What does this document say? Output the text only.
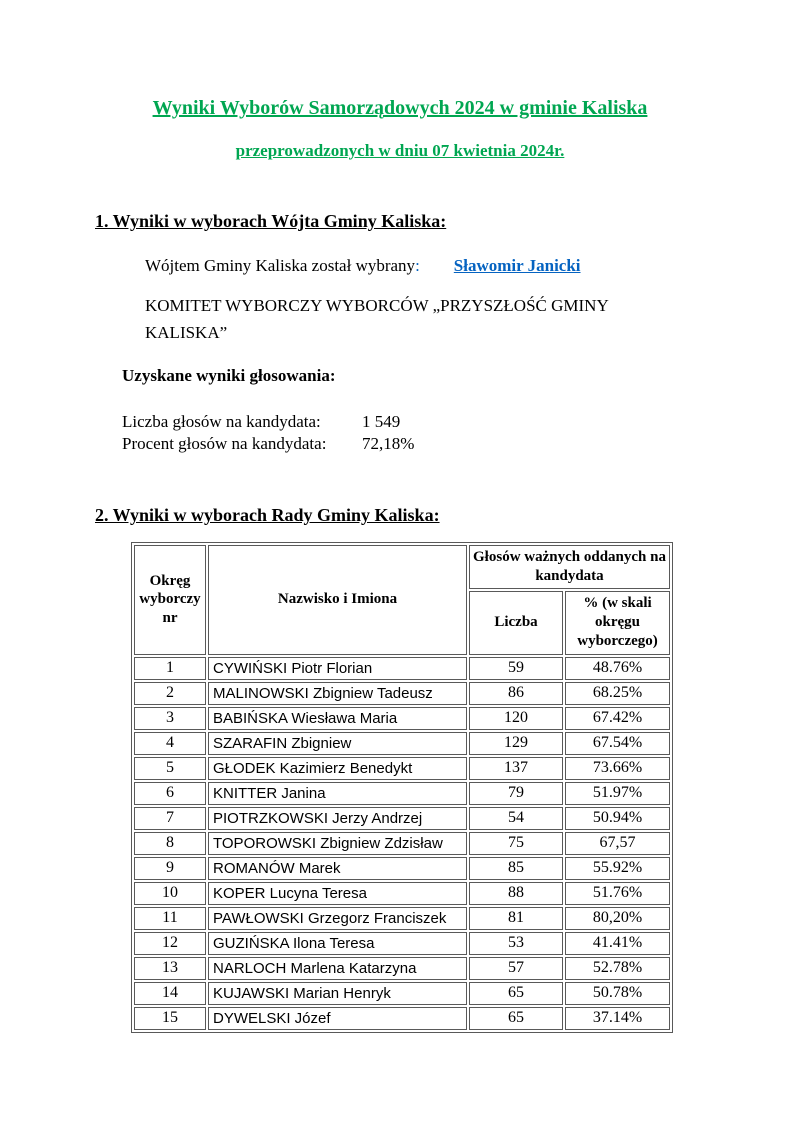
Wyniki Wyborów Samorządowych 2024 w gminie Kaliska
przeprowadzonych w dniu 07 kwietnia 2024r.
1. Wyniki w wyborach Wójta Gminy Kaliska:

Wójtem Gminy Kaliska został wybrany: Sławomir Janicki

KOMITET WYBORCZY WYBORCÓW „PRZYSZŁOŚĆ GMINY KALISKA”

Uzyskane wyniki głosowania:

Liczba głosów na kandydata:	1 549
Procent głosów na kandydata:	72,18%
2. Wyniki w wyborach Rady Gminy Kaliska:
Okręg wyborczy nr	Nazwisko i Imiona	Głosów ważnych oddanych na kandydata	
		Liczba	% (w skali okręgu wyborczego)
1	CYWIŃSKI Piotr Florian	59	48.76%
2	MALINOWSKI Zbigniew Tadeusz	86	68.25%
3	BABIŃSKA Wiesława Maria	120	67.42%
4	SZARAFIN Zbigniew	129	67.54%
5	GŁODEK Kazimierz Benedykt	137	73.66%
6	KNITTER Janina	79	51.97%
7	PIOTRZKOWSKI Jerzy Andrzej	54	50.94%
8	TOPOROWSKI Zbigniew Zdzisław	75	67,57
9	ROMANÓW Marek	85	55.92%
10	KOPER Lucyna Teresa	88	51.76%
11	PAWŁOWSKI Grzegorz Franciszek	81	80,20%
12	GUZIŃSKA Ilona Teresa	53	41.41%
13	NARLOCH Marlena Katarzyna	57	52.78%
14	KUJAWSKI Marian Henryk	65	50.78%
15	DYWELSKI Józef	65	37.14%
